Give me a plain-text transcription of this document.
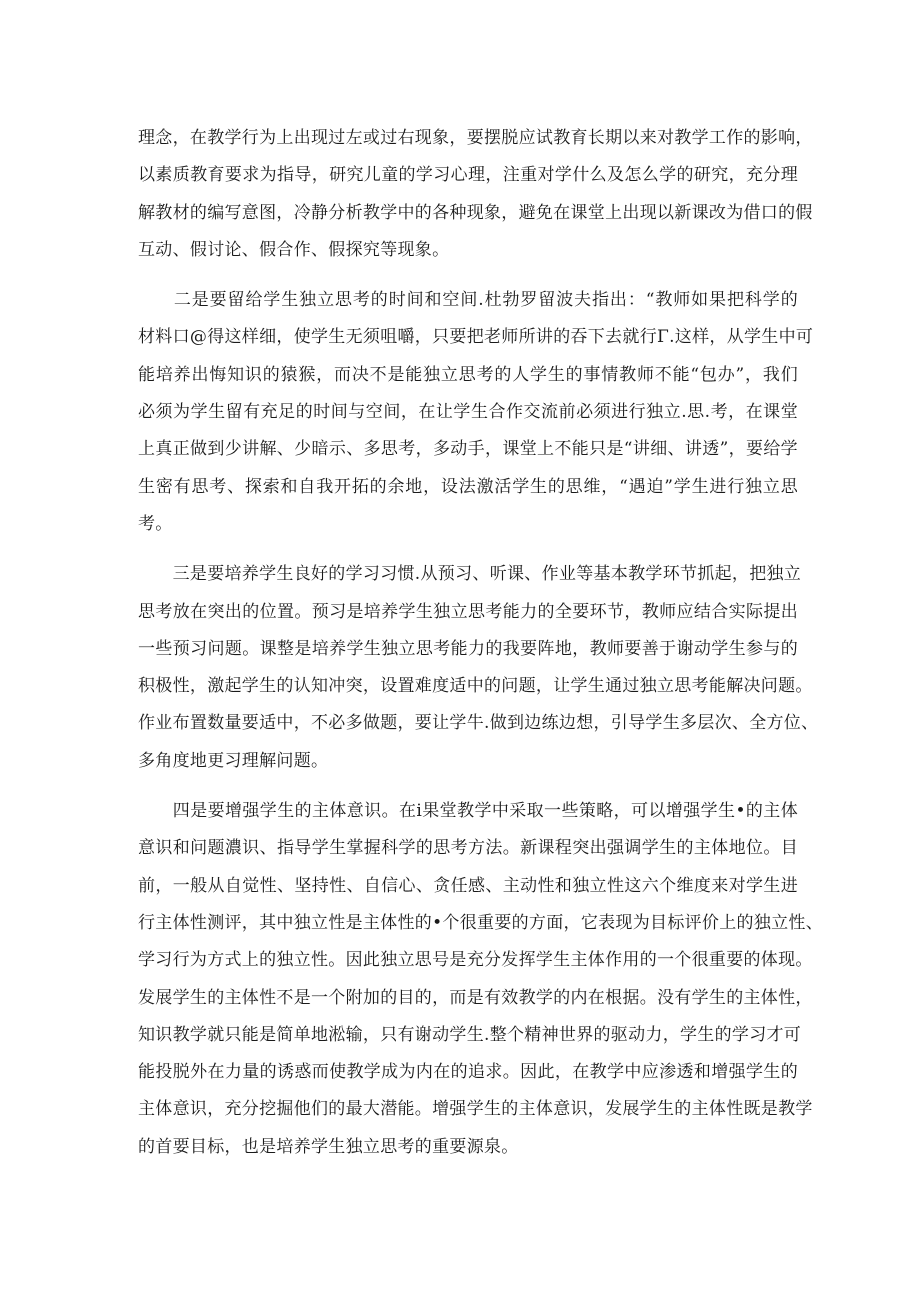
理念，在教学行为上出现过左或过右现象，要摆脱应试教育长期以来对教学工作的影响，
以素质教育要求为指导，研究儿童的学习心理，注重对学什么及怎么学的研究，充分理
解教材的编写意图，冷静分析教学中的各种现象，避免在课堂上出现以新课改为借口的假
互动、假讨论、假合作、假探究等现象。

　　二是要留给学生独立思考的时间和空间.杜勃罗留波夫指出：“教师如果把科学的
材料口@得这样细，使学生无须咀嚼，只要把老师所讲的吞下去就行Γ.这样，从学生中可
能培养出悔知识的猿猴，而决不是能独立思考的人学生的事情教师不能“包办”，我们
必须为学生留有充足的时间与空间，在让学生合作交流前必须进行独立.思.考，在课堂
上真正做到少讲解、少暗示、多思考，多动手，课堂上不能只是“讲细、讲透”，要给学
生密有思考、探索和自我开拓的余地，设法激活学生的思维，“遇迫”学生进行独立思
考。

　　三是要培养学生良好的学习习惯.从预习、听课、作业等基本教学环节抓起，把独立
思考放在突出的位置。预习是培养学生独立思考能力的全要环节，教师应结合实际提出
一些预习问题。课整是培养学生独立思考能力的我要阵地，教师要善于谢动学生参与的
积极性，激起学生的认知冲突，设置难度适中的问题，让学生通过独立思考能解决问题。
作业布置数量要适中，不必多做题，要让学牛.做到边练边想，引导学生多层次、全方位、
多角度地更习理解问题。

　　四是要增强学生的主体意识。在i果堂教学中采取一些策略，可以增强学生•的主体
意识和问题濃识、指导学生掌握科学的思考方法。新课程突出强调学生的主体地位。目
前，一般从自觉性、坚持性、自信心、贪任感、主动性和独立性这六个维度来对学生进
行主体性测评，其中独立性是主体性的•个很重要的方面，它表现为目标评价上的独立性、
学习行为方式上的独立性。因此独立思号是充分发挥学生主体作用的一个很重要的体现。
发展学生的主体性不是一个附加的目的，而是有效教学的内在根据。没有学生的主体性，
知识教学就只能是简单地淞输，只有谢动学生.整个精神世界的驱动力，学生的学习才可
能投脱外在力量的诱惑而使教学成为内在的追求。因此，在教学中应渗透和增强学生的
主体意识，充分挖掘他们的最大潜能。增强学生的主体意识，发展学生的主体性既是教学
的首要目标，也是培养学生独立思考的重要源泉。
